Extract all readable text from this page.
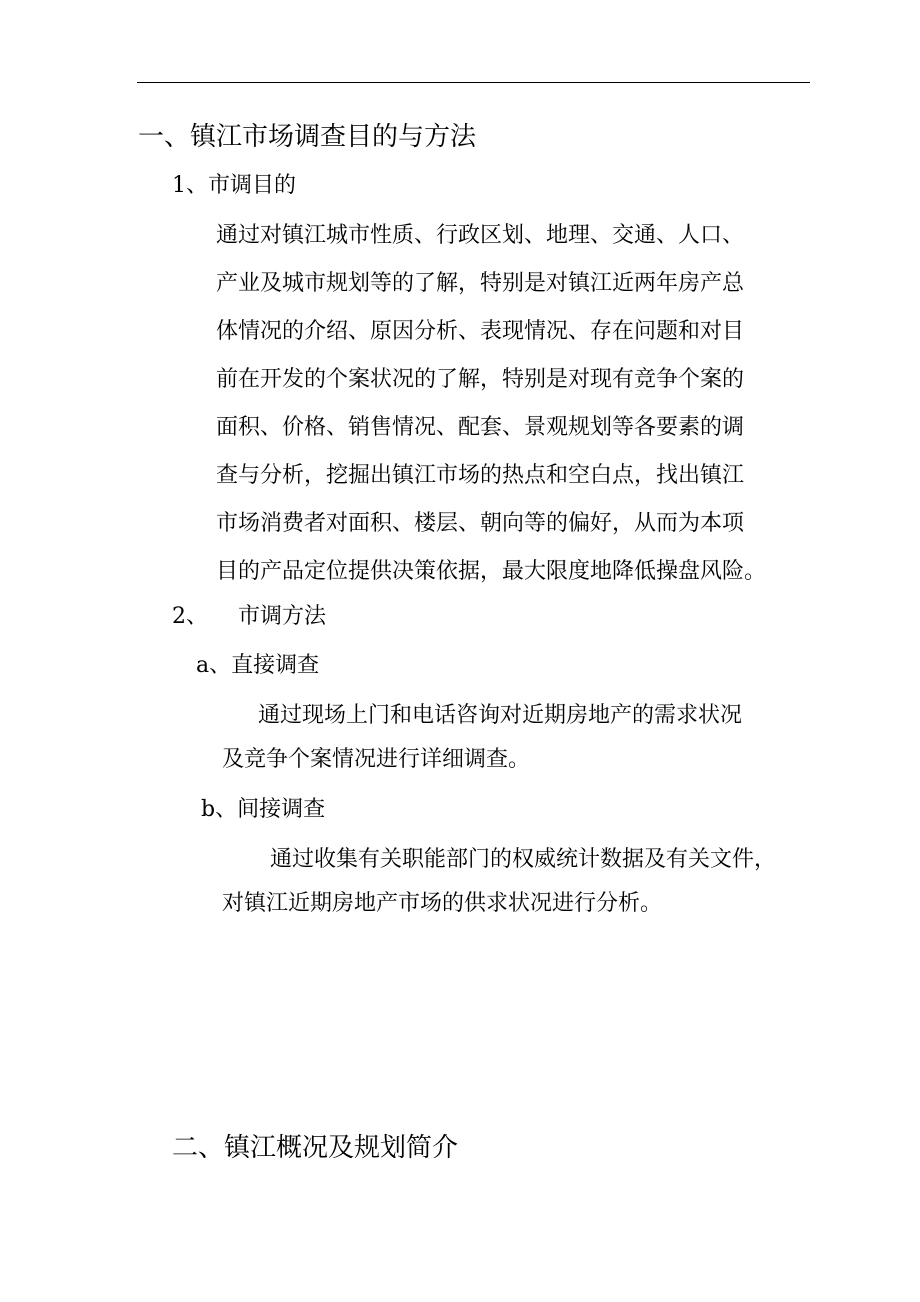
一、镇江市场调查目的与方法
1、市调目的
通过对镇江城市性质、行政区划、地理、交通、人口、
产业及城市规划等的了解，特别是对镇江近两年房产总
体情况的介绍、原因分析、表现情况、存在问题和对目
前在开发的个案状况的了解，特别是对现有竞争个案的
面积、价格、销售情况、配套、景观规划等各要素的调
查与分析，挖掘出镇江市场的热点和空白点，找出镇江
市场消费者对面积、楼层、朝向等的偏好，从而为本项
目的产品定位提供决策依据，最大限度地降低操盘风险。
2、 市调方法
a、直接调查
通过现场上门和电话咨询对近期房地产的需求状况
及竞争个案情况进行详细调查。
b、间接调查
通过收集有关职能部门的权威统计数据及有关文件，
对镇江近期房地产市场的供求状况进行分析。
二、镇江概况及规划简介
